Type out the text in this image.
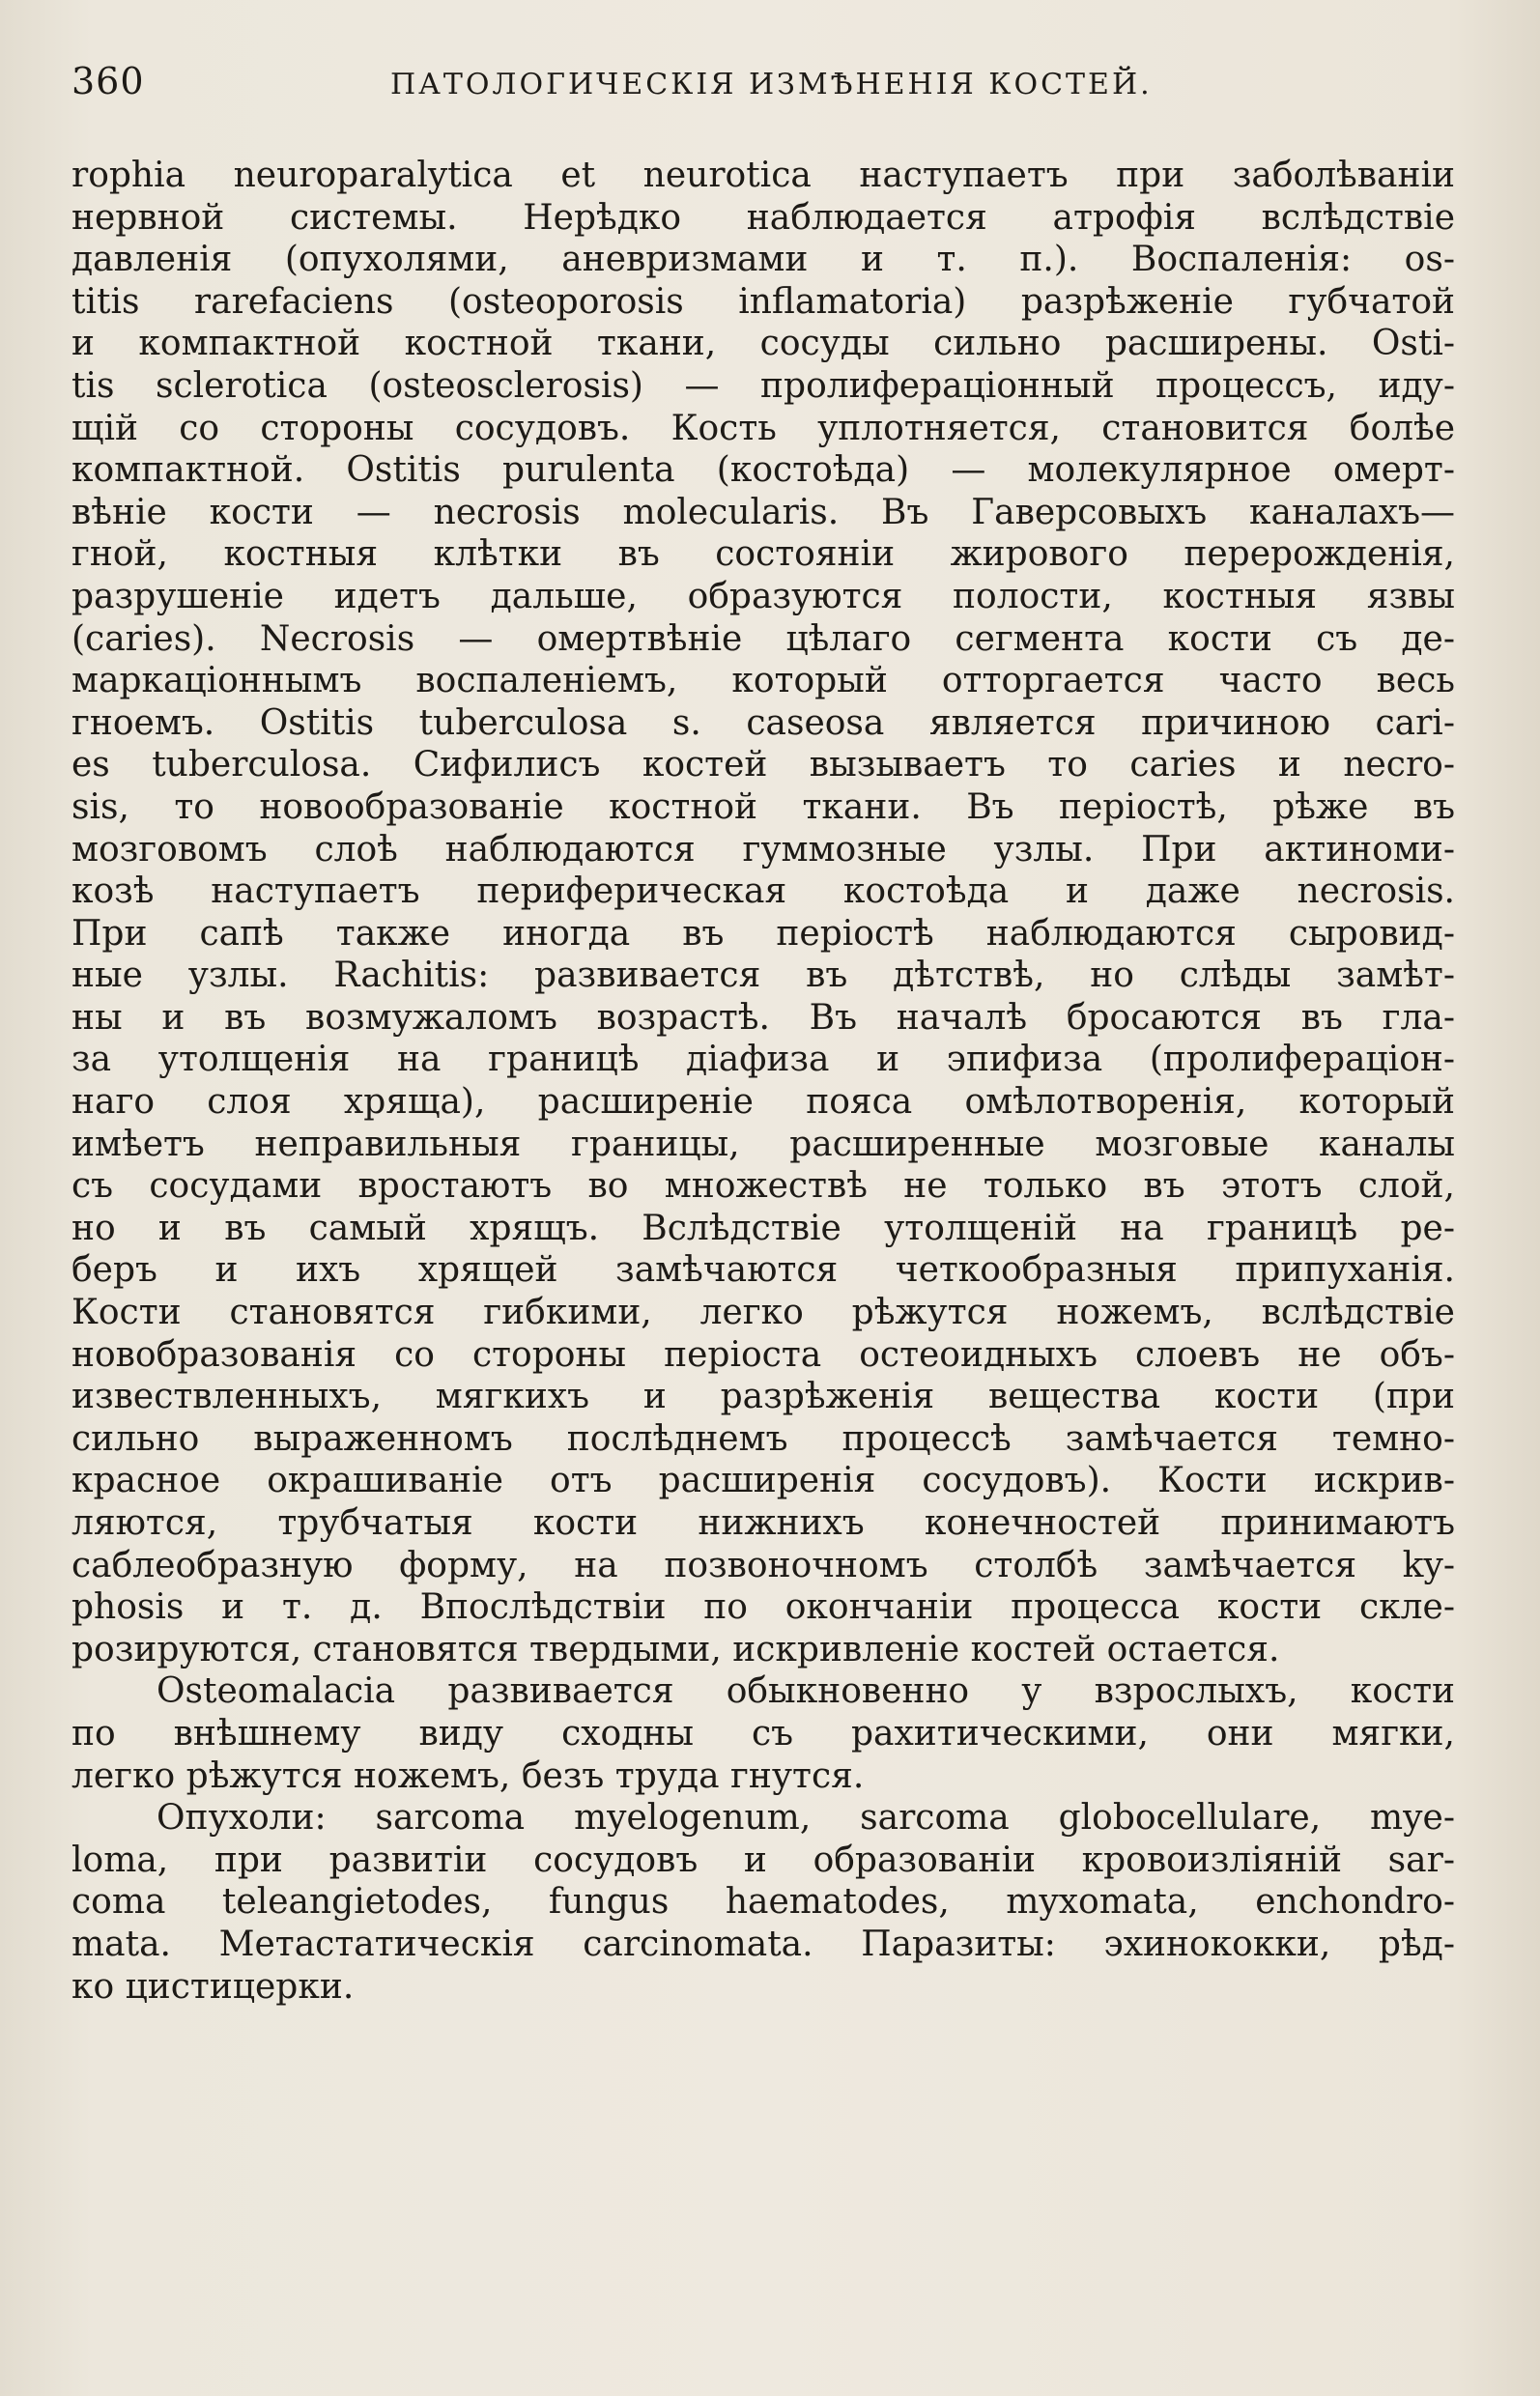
360	ПАТОЛОГИЧЕСКІЯ ИЗМѢНЕНІЯ КОСТЕЙ.
rophia neuroparalytica et neurotica наступаетъ при заболѣваніи
нервной системы. Нерѣдко наблюдается атрофія вслѣдствіе
давленія (опухолями, аневризмами и т. п.). Воспаленія: os-
titis rarefaciens (osteoporosis inflamatoria) разрѣженіе губчатой
и компактной костной ткани, сосуды сильно расширены. Osti-
tis sclerotica (osteosclerosis) — пролифераціонный процессъ, иду-
щій со стороны сосудовъ. Кость уплотняется, становится болѣе
компактной. Ostitis purulenta (костоѣда) — молекулярное омерт-
вѣніе кости — necrosis molecularis. Въ Гаверсовыхъ каналахъ—
гной, костныя клѣтки въ состояніи жирового перерожденія,
разрушеніе идетъ дальше, образуются полости, костныя язвы
(caries). Necrosis — омертвѣніе цѣлаго сегмента кости съ де-
маркаціоннымъ воспаленіемъ, который отторгается часто весь
гноемъ. Ostitis tuberculosa s. caseosa является причиною cari-
es tuberculosa. Сифилисъ костей вызываетъ то caries и necro-
sis, то новообразованіе костной ткани. Въ періостѣ, рѣже въ
мозговомъ слоѣ наблюдаются гуммозные узлы. При актиноми-
козѣ наступаетъ периферическая костоѣда и даже necrosis.
При сапѣ также иногда въ періостѣ наблюдаются сыровид-
ные узлы. Rachitis: развивается въ дѣтствѣ, но слѣды замѣт-
ны и въ возмужаломъ возрастѣ. Въ началѣ бросаются въ гла-
за утолщенія на границѣ діафиза и эпифиза (пролифераціон-
наго слоя хряща), расширеніе пояса омѣлотворенія, который
имѣетъ неправильныя границы, расширенные мозговые каналы
съ сосудами вростаютъ во множествѣ не только въ этотъ слой,
но и въ самый хрящъ. Вслѣдствіе утолщеній на границѣ ре-
беръ и ихъ хрящей замѣчаются четкообразныя припуханія.
Кости становятся гибкими, легко рѣжутся ножемъ, вслѣдствіе
новобразованія со стороны періоста остеоидныхъ слоевъ не объ-
извествленныхъ, мягкихъ и разрѣженія вещества кости (при
сильно выраженномъ послѣднемъ процессѣ замѣчается темно-
красное окрашиваніе отъ расширенія сосудовъ). Кости искрив-
ляются, трубчатыя кости нижнихъ конечностей принимаютъ
саблеобразную форму, на позвоночномъ столбѣ замѣчается ky-
phosis и т. д. Впослѣдствіи по окончаніи процесса кости скле-
розируются, становятся твердыми, искривленіе костей остается.
Osteomalacia развивается обыкновенно у взрослыхъ, кости
по внѣшнему виду сходны съ рахитическими, они мягки,
легко рѣжутся ножемъ, безъ труда гнутся.
Опухоли: sarcoma myelogenum, sarcoma globocellulare, mye-
loma, при развитіи сосудовъ и образованіи кровоизліяній sar-
coma teleangietodes, fungus haematodes, myxomata, enchondro-
mata. Метастатическія carcinomata. Паразиты: эхинококки, рѣд-
ко цистицерки.
